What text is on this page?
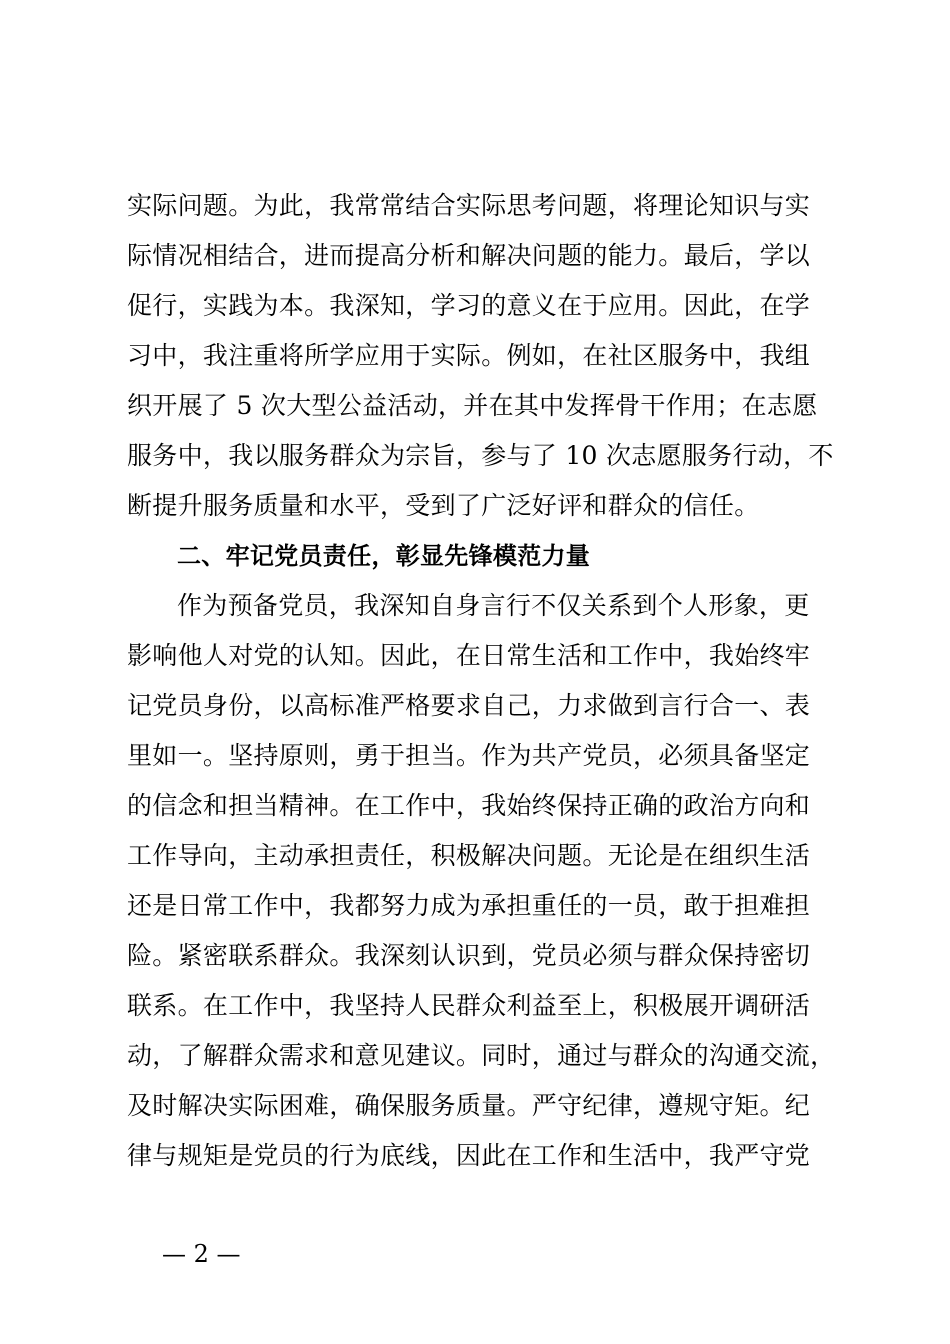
实际问题。为此，我常常结合实际思考问题，将理论知识与实
际情况相结合，进而提高分析和解决问题的能力。最后，学以
促行，实践为本。我深知，学习的意义在于应用。因此，在学
习中，我注重将所学应用于实际。例如，在社区服务中，我组
织开展了 5 次大型公益活动，并在其中发挥骨干作用；在志愿
服务中，我以服务群众为宗旨，参与了 10 次志愿服务行动，不
断提升服务质量和水平，受到了广泛好评和群众的信任。
二、牢记党员责任，彰显先锋模范力量
作为预备党员，我深知自身言行不仅关系到个人形象，更
影响他人对党的认知。因此，在日常生活和工作中，我始终牢
记党员身份，以高标准严格要求自己，力求做到言行合一、表
里如一。坚持原则，勇于担当。作为共产党员，必须具备坚定
的信念和担当精神。在工作中，我始终保持正确的政治方向和
工作导向，主动承担责任，积极解决问题。无论是在组织生活
还是日常工作中，我都努力成为承担重任的一员，敢于担难担
险。紧密联系群众。我深刻认识到，党员必须与群众保持密切
联系。在工作中，我坚持人民群众利益至上，积极展开调研活
动，了解群众需求和意见建议。同时，通过与群众的沟通交流，
及时解决实际困难，确保服务质量。严守纪律，遵规守矩。纪
律与规矩是党员的行为底线，因此在工作和生活中，我严守党
— 2 —
